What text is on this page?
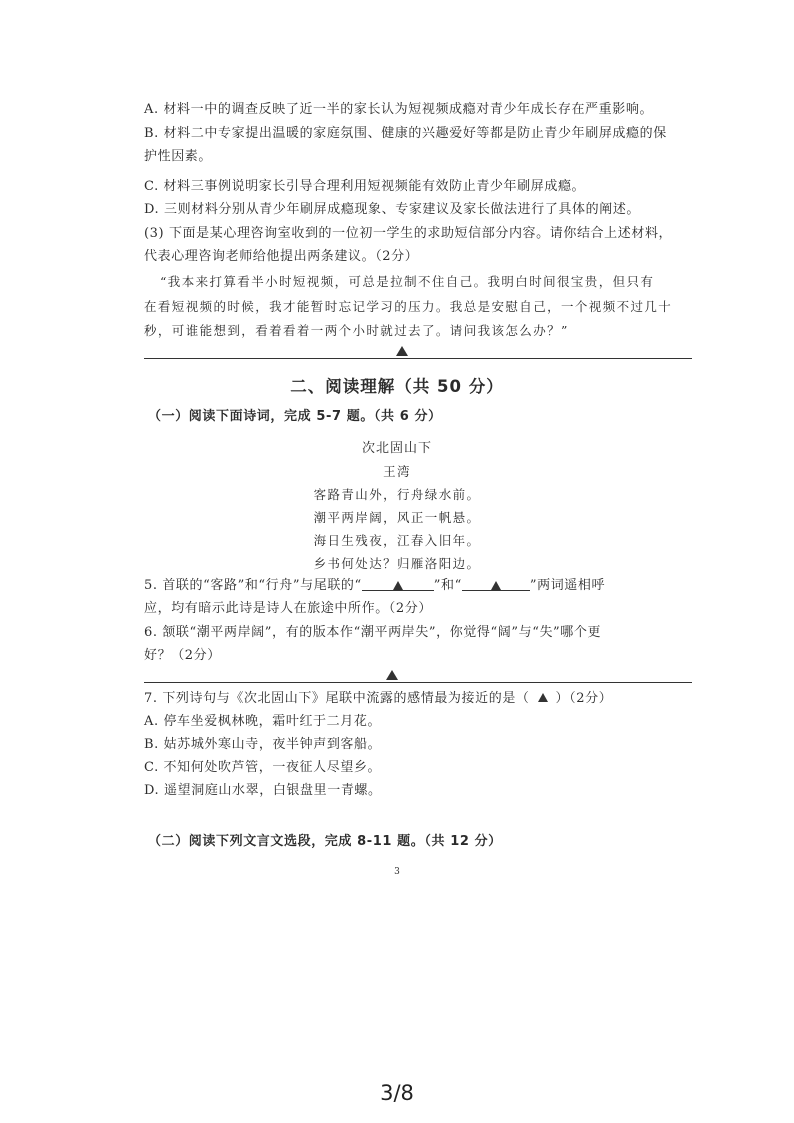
A. 材料一中的调查反映了近一半的家长认为短视频成瘾对青少年成长存在严重影响。
B. 材料二中专家提出温暖的家庭氛围、健康的兴趣爱好等都是防止青少年刷屏成瘾的保
护性因素。
C. 材料三事例说明家长引导合理利用短视频能有效防止青少年刷屏成瘾。
D. 三则材料分别从青少年刷屏成瘾现象、专家建议及家长做法进行了具体的阐述。
(3) 下面是某心理咨询室收到的一位初一学生的求助短信部分内容。请你结合上述材料，
代表心理咨询老师给他提出两条建议。（2分）
“我本来打算看半小时短视频，可总是拉制不住自己。我明白时间很宝贵，但只有
在看短视频的时候，我才能暂时忘记学习的压力。我总是安慰自己，一个视频不过几十
秒，可谁能想到，看着看着一两个小时就过去了。请问我该怎么办？”
二、阅读理解（共 50 分）
（一）阅读下面诗词，完成 5-7 题。（共 6 分）
次北固山下
王湾
客路青山外，行舟绿水前。
潮平两岸阔，风正一帆悬。
海日生残夜，江春入旧年。
乡书何处达？归雁洛阳边。
5. 首联的“客路”和“行舟”与尾联的“	”和“	”两词遥相呼
应，均有暗示此诗是诗人在旅途中所作。（2分）
6. 颔联“潮平两岸阔”，有的版本作“潮平两岸失”，你觉得“阔”与“失”哪个更
好？（2分）
7. 下列诗句与《次北固山下》尾联中流露的感情最为接近的是（ ）（2分）
A. 停车坐爱枫林晚，霜叶红于二月花。
B. 姑苏城外寒山寺，夜半钟声到客船。
C. 不知何处吹芦管，一夜征人尽望乡。
D. 遥望洞庭山水翠，白银盘里一青螺。
（二）阅读下列文言文选段，完成 8-11 题。（共 12 分）
3
3/8
